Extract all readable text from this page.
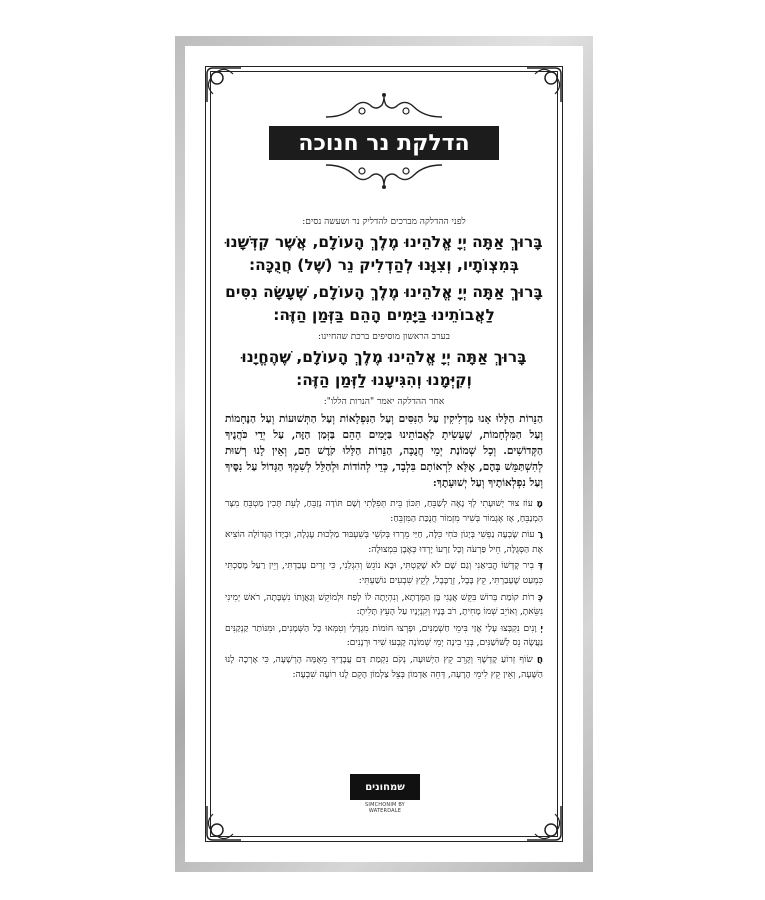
הדלקת נר חנוכה

לפני ההדלקה מברכים להדליק נר ושעשה נסים:

בָּרוּךְ אַתָּה יְיָ אֱלֹהֵינוּ מֶלֶךְ הָעוֹלָם, אֲשֶׁר קִדְּשָׁנוּ בְּמִצְוֹתָיו, וְצִוָּנוּ לְהַדְלִיק נֵר (שֶׁל) חֲנֻכָּה:

בָּרוּךְ אַתָּה יְיָ אֱלֹהֵינוּ מֶלֶךְ הָעוֹלָם, שֶׁעָשָׂה נִסִּים לַאֲבוֹתֵינוּ בַּיָּמִים הָהֵם בַּזְּמַן הַזֶּה:

בערב הראשון מוסיפים ברכת שהחיינו:

בָּרוּךְ אַתָּה יְיָ אֱלֹהֵינוּ מֶלֶךְ הָעוֹלָם, שֶׁהֶחֱיָנוּ וְקִיְּמָנוּ וְהִגִּיעָנוּ לַזְּמַן הַזֶּה:

אחר ההדלקה יאמר "הנרות הללו":

הַנֵּרוֹת הַלָּלוּ אָנוּ מַדְלִיקִין עַל הַנִּסִּים וְעַל הַנִּפְלָאוֹת וְעַל הַתְּשׁוּעוֹת וְעַל הַנֶּחָמוֹת וְעַל הַמִּלְחָמוֹת, שֶׁעָשִׂיתָ לַאֲבוֹתֵינוּ בַּיָּמִים הָהֵם בַּזְּמַן הַזֶּה, עַל יְדֵי כֹּהֲנֶיךָ הַקְּדוֹשִׁים. וְכָל שְׁמוֹנַת יְמֵי חֲנֻכָּה, הַנֵּרוֹת הַלָּלוּ קֹדֶשׁ הֵם, וְאֵין לָנוּ רְשׁוּת לְהִשְׁתַּמֵּשׁ בָּהֶם, אֶלָּא לִרְאוֹתָם בִּלְבָד, כְּדֵי לְהוֹדוֹת וּלְהַלֵּל לְשִׁמְךָ הַגָּדוֹל עַל נִסֶּיךָ וְעַל נִפְלְאוֹתֶיךָ וְעַל יְשׁוּעָתֶךָ:

מָ עוֹז צוּר יְשׁוּעָתִי לְךָ נָאֶה לְשַׁבֵּחַ, תִּכּוֹן בֵּית תְּפִלָּתִי וְשָׁם תּוֹדָה נְזַבֵּחַ, לְעֵת תָּכִין מַטְבֵּחַ מִצָּר הַמְנַבֵּחַ, אָז אֶגְמוֹר בְּשִׁיר מִזְמוֹר חֲנֻכַּת הַמִּזְבֵּחַ:

רָ עוֹת שָׂבְעָה נַפְשִׁי בְּיָגוֹן כֹּחִי כִּלָּה, חַיַּי מֵרְרוּ בְּקֹשִׁי בְּשִׁעְבּוּד מַלְכוּת עֶגְלָה, וּבְיָדוֹ הַגְּדוֹלָה הוֹצִיא אֶת הַסְּגֻלָּה, חֵיל פַּרְעֹה וְכָל זַרְעוֹ יָרְדוּ כְּאֶבֶן בִּמְצוּלָה:

דְּ בִיר קָדְשׁוֹ הֱבִיאַנִי וְגַם שָׁם לֹא שָׁקַטְתִּי, וּבָא נוֹגֵשׂ וְהִגְלַנִי, כִּי זָרִים עָבַדְתִּי, וְיֵין רַעַל מָסַכְתִּי כִּמְעַט שֶׁעָבַרְתִּי, קֵץ בָּבֶל, זְרֻבָּבֶל, לְקֵץ שִׁבְעִים נוֹשַׁעְתִּי:

כְּ רוֹת קוֹמַת בְּרוֹשׁ בִּקֵּשׁ אֲגָגִי בֶּן הַמְּדָתָא, וְנִהְיָתָה לוֹ לְפַח וּלְמוֹקֵשׁ וְגַאֲוָתוֹ נִשְׁבָּתָה, רֹאשׁ יְמִינִי נִשֵּׂאתָ, וְאוֹיֵב שְׁמוֹ מָחִיתָ, רֹב בָּנָיו וְקִנְיָנָיו עַל הָעֵץ תָּלִיתָ:

יְ וָנִים נִקְבְּצוּ עָלַי אֲזַי בִּימֵי חַשְׁמַנִּים, וּפָרְצוּ חוֹמוֹת מִגְדָּלַי וְטִמְּאוּ כָּל הַשְּׁמָנִים, וּמִנּוֹתַר קַנְקַנִּים נַעֲשָׂה נֵס לַשּׁוֹשַׁנִּים, בְּנֵי בִינָה יְמֵי שְׁמוֹנָה קָבְעוּ שִׁיר וּרְנָנִים:

חֲ שׂוֹף זְרוֹעַ קָדְשֶׁךָ וְקָרֵב קֵץ הַיְשׁוּעָה, נְקֹם נִקְמַת דַּם עֲבָדֶיךָ מֵאֻמָּה הָרְשָׁעָה, כִּי אָרְכָה לָנוּ הַשָּׁעָה, וְאֵין קֵץ לִימֵי הָרָעָה, דְּחֵה אַדְמוֹן בְּצֵל צַלְמוֹן הָקֵם לָנוּ רוֹעֶה שִׁבְעָה:

שמחונים
SIMCHONIM BY WATERDALE
